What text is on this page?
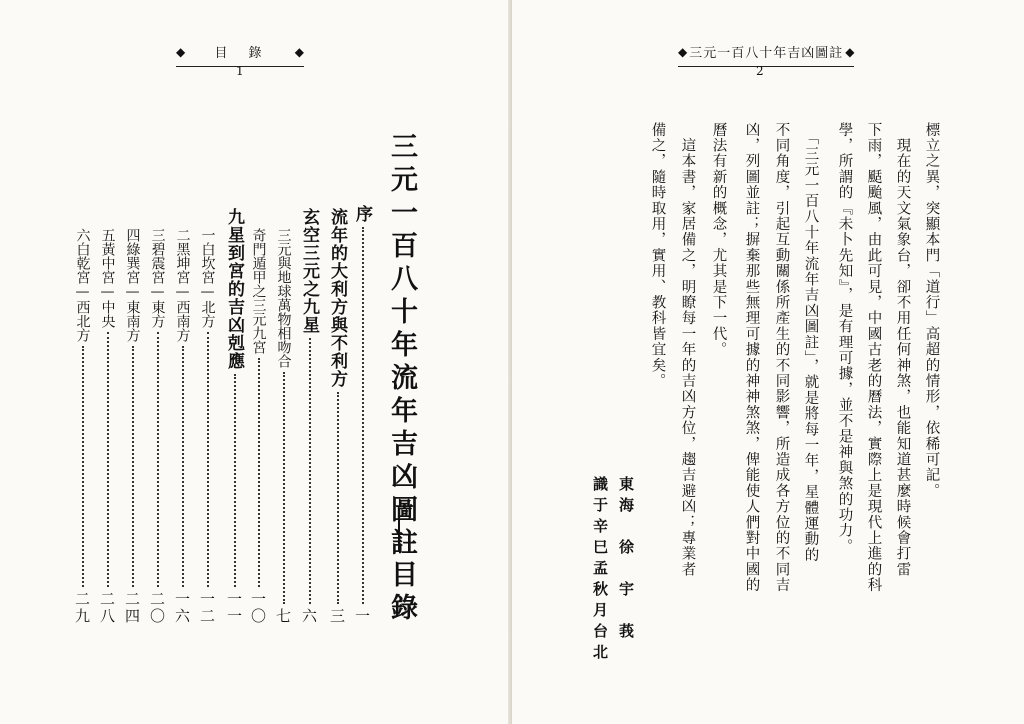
◆ 目　錄 ◆
1
三元一百八十年流年吉凶圖註
目錄
序
一
流年的大利方與不利方
三
玄空三元之九星
六
三元與地球萬物相吻合
七
奇門遁甲之三元九宮
一〇
九星到宮的吉凶剋應
一一
一白坎宮—北方
一二
二黑坤宮—西南方
一六
三碧震宮—東方
二〇
四綠巽宮—東南方
二四
五黃中宮—中央
二八
六白乾宮—西北方
二九
◆ 三元一百八十年吉凶圖註 ◆
2
標立之異，突顯本門「道行」高超的情形，依稀可記。
　現在的天文氣象台，卻不用任何神煞，也能知道甚麼時候會打雷
下雨，颳颱風，由此可見，中國古老的曆法，實際上是現代上進的科
學，所謂的『未卜先知』，是有理可據，並不是神與煞的功力。
　「三元一百八十年流年吉凶圖註」，就是將每一年，星體運動的
不同角度，引起互動關係所產生的不同影響，所造成各方位的不同吉
凶，列圖並註；摒棄那些無理可據的神神煞煞，俾能使人們對中國的
曆法有新的概念，尤其是下一代。
　這本書，家居備之，明瞭每一年的吉凶方位，趨吉避凶；專業者
備之，隨時取用，實用、教科皆宜矣。
東海　徐　宇　莪
識于辛巳孟秋月台北
